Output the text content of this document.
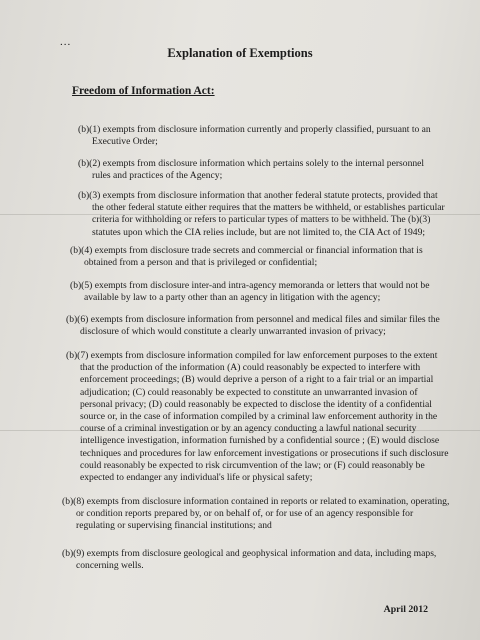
...
Explanation of Exemptions
Freedom of Information Act:
(b)(1) exempts from disclosure information currently and properly classified, pursuant to an Executive Order;
(b)(2) exempts from disclosure information which pertains solely to the internal personnel rules and practices of the Agency;
(b)(3) exempts from disclosure information that another federal statute protects, provided that the other federal statute either requires that the matters be withheld, or establishes particular criteria for withholding or refers to particular types of matters to be withheld. The (b)(3) statutes upon which the CIA relies include, but are not limited to, the CIA Act of 1949;
(b)(4) exempts from disclosure trade secrets and commercial or financial information that is obtained from a person and that is privileged or confidential;
(b)(5) exempts from disclosure inter-and intra-agency memoranda or letters that would not be available by law to a party other than an agency in litigation with the agency;
(b)(6) exempts from disclosure information from personnel and medical files and similar files the disclosure of which would constitute a clearly unwarranted invasion of privacy;
(b)(7) exempts from disclosure information compiled for law enforcement purposes to the extent that the production of the information (A) could reasonably be expected to interfere with enforcement proceedings; (B) would deprive a person of a right to a fair trial or an impartial adjudication; (C) could reasonably be expected to constitute an unwarranted invasion of personal privacy; (D) could reasonably be expected to disclose the identity of a confidential source or, in the case of information compiled by a criminal law enforcement authority in the course of a criminal investigation or by an agency conducting a lawful national security intelligence investigation, information furnished by a confidential source ; (E) would disclose techniques and procedures for law enforcement investigations or prosecutions if such disclosure could reasonably be expected to risk circumvention of the law; or (F) could reasonably be expected to endanger any individual's life or physical safety;
(b)(8) exempts from disclosure information contained in reports or related to examination, operating, or condition reports prepared by, or on behalf of, or for use of an agency responsible for regulating or supervising financial institutions; and
(b)(9) exempts from disclosure geological and geophysical information and data, including maps, concerning wells.
April 2012
